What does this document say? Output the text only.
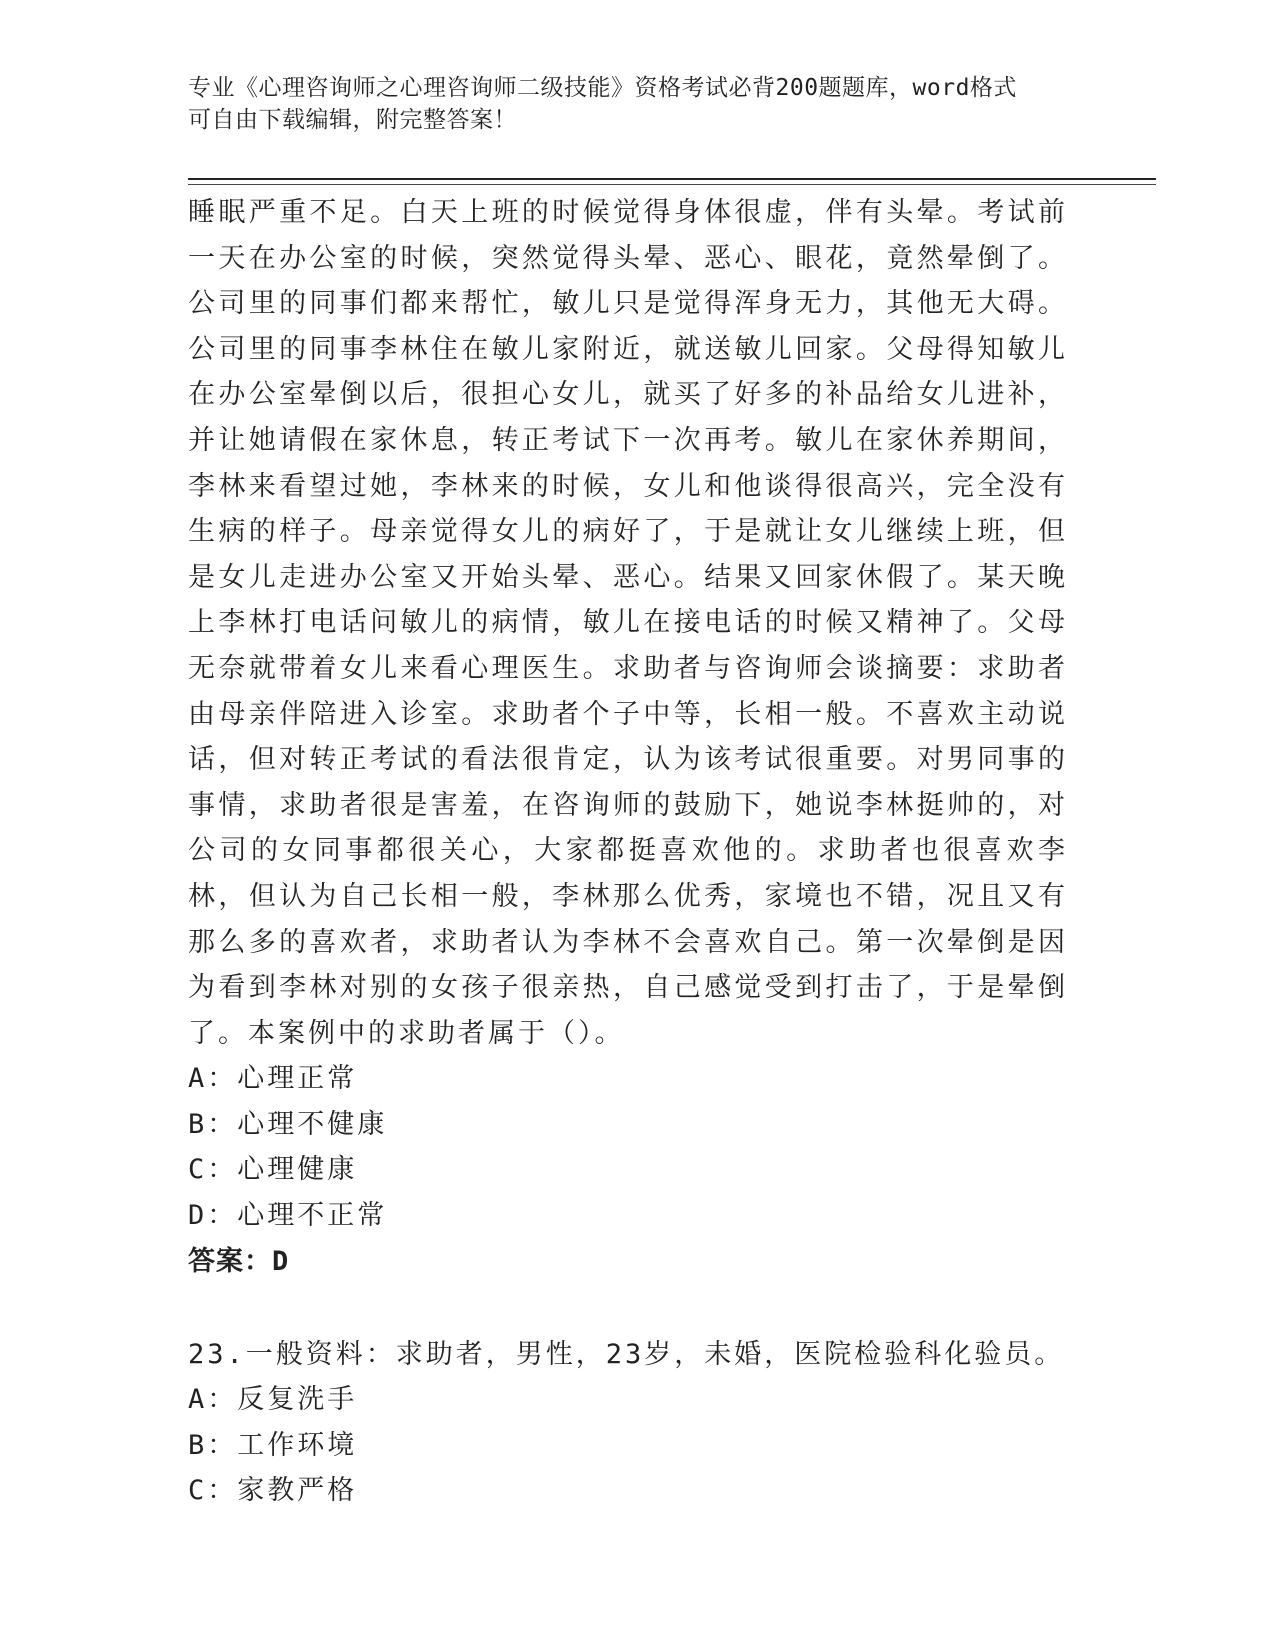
专业《心理咨询师之心理咨询师二级技能》资格考试必背200题题库，word格式
可自由下载编辑，附完整答案！

睡眠严重不足。白天上班的时候觉得身体很虚，伴有头晕。考试前一天在办公室的时候，突然觉得头晕、恶心、眼花，竟然晕倒了。公司里的同事们都来帮忙，敏儿只是觉得浑身无力，其他无大碍。公司里的同事李林住在敏儿家附近，就送敏儿回家。父母得知敏儿在办公室晕倒以后，很担心女儿，就买了好多的补品给女儿进补，并让她请假在家休息，转正考试下一次再考。敏儿在家休养期间，李林来看望过她，李林来的时候，女儿和他谈得很高兴，完全没有生病的样子。母亲觉得女儿的病好了，于是就让女儿继续上班，但是女儿走进办公室又开始头晕、恶心。结果又回家休假了。某天晚上李林打电话问敏儿的病情，敏儿在接电话的时候又精神了。父母无奈就带着女儿来看心理医生。求助者与咨询师会谈摘要：求助者由母亲伴陪进入诊室。求助者个子中等，长相一般。不喜欢主动说话，但对转正考试的看法很肯定，认为该考试很重要。对男同事的事情，求助者很是害羞，在咨询师的鼓励下，她说李林挺帅的，对公司的女同事都很关心，大家都挺喜欢他的。求助者也很喜欢李林，但认为自己长相一般，李林那么优秀，家境也不错，况且又有那么多的喜欢者，求助者认为李林不会喜欢自己。第一次晕倒是因为看到李林对别的女孩子很亲热，自己感觉受到打击了，于是晕倒了。本案例中的求助者属于（）。

A：心理正常

B：心理不健康

C：心理健康

D：心理不正常

答案：D

23.一般资料：求助者，男性，23岁，未婚，医院检验科化验员。

A：反复洗手

B：工作环境

C：家教严格
